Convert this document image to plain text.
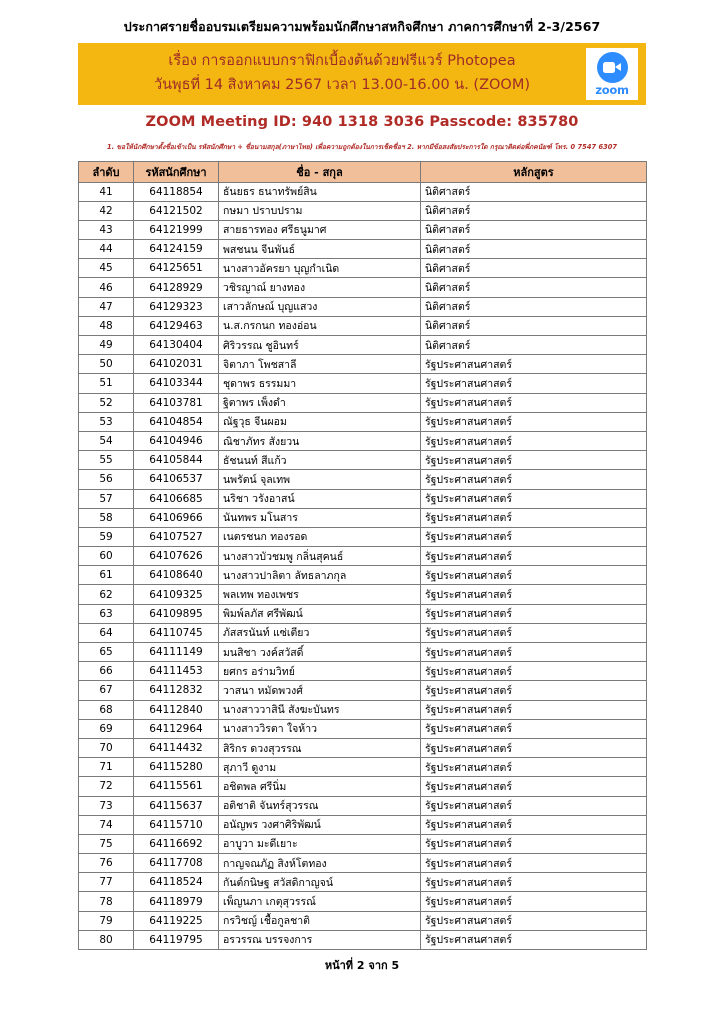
ประกาศรายชื่ออบรมเตรียมความพร้อมนักศึกษาสหกิจศึกษา ภาคการศึกษาที่ 2-3/2567
เรื่อง การออกแบบกราฟิกเบื้องต้นด้วยฟรีแวร์ Photopea
วันพุธที่ 14 สิงหาคม 2567 เวลา 13.00-16.00 น. (ZOOM)	zoom
ZOOM Meeting ID: 940 1318 3036 Passcode: 835780
1. ขอให้นักศึกษาตั้งชื่อเข้าเป็น รหัสนักศึกษา + ชื่อนามสกุล(ภาษาไทย) เพื่อความถูกต้องในการเช็คชื่อฯ 2. หากมีข้อสงสัยประการใด กรุณาติดต่อพี่ภคนัยฑ์ โทร. 0 7547 6307
ลำดับ	รหัสนักศึกษา	ชื่อ - สกุล	หลักสูตร
41	64118854	ธันยธร ธนาทรัพย์สิน	นิติศาสตร์
42	64121502	กษมา ปราบปราม	นิติศาสตร์
43	64121999	สายธารทอง ศรีธนูมาศ	นิติศาสตร์
44	64124159	พสชนน จีนพันธ์	นิติศาสตร์
45	64125651	นางสาวอัครยา บุญกำเนิด	นิติศาสตร์
46	64128929	วชิรญาณ์ ยางทอง	นิติศาสตร์
47	64129323	เสาวลักษณ์ บุญแสวง	นิติศาสตร์
48	64129463	น.ส.กรกนก ทองอ่อน	นิติศาสตร์
49	64130404	ศิริวรรณ ชูอินทร์	นิติศาสตร์
50	64102031	จิตาภา โพชสาลี	รัฐประศาสนศาสตร์
51	64103344	ชุดาพร ธรรมมา	รัฐประศาสนศาสตร์
52	64103781	ฐิตาพร เพ็งดำ	รัฐประศาสนศาสตร์
53	64104854	ณัฐวุธ จีนผอม	รัฐประศาสนศาสตร์
54	64104946	ณิชาภัทร สังยวน	รัฐประศาสนศาสตร์
55	64105844	ธัชนนท์ สีแก้ว	รัฐประศาสนศาสตร์
56	64106537	นพรัตน์ จุลเทพ	รัฐประศาสนศาสตร์
57	64106685	นริชา วรังอาสน์	รัฐประศาสนศาสตร์
58	64106966	นันทพร มโนสาร	รัฐประศาสนศาสตร์
59	64107527	เนตรชนก ทองรอด	รัฐประศาสนศาสตร์
60	64107626	นางสาวบัวชมพู กลิ่นสุคนธ์	รัฐประศาสนศาสตร์
61	64108640	นางสาวปาลิตา ลัทธลาภกุล	รัฐประศาสนศาสตร์
62	64109325	พลเทพ ทองเพชร	รัฐประศาสนศาสตร์
63	64109895	พิมพ์ลภัส ศรีพัฒน์	รัฐประศาสนศาสตร์
64	64110745	ภัสสรนันท์ แซ่เตียว	รัฐประศาสนศาสตร์
65	64111149	มนสิชา วงค์สวัสดิ์	รัฐประศาสนศาสตร์
66	64111453	ยศกร อร่ามวิทย์	รัฐประศาสนศาสตร์
67	64112832	วาสนา หมัดพวงศ์	รัฐประศาสนศาสตร์
68	64112840	นางสาววาสินี สังฆะบันทร	รัฐประศาสนศาสตร์
69	64112964	นางสาววิรตา ใจห้าว	รัฐประศาสนศาสตร์
70	64114432	สิริกร ดวงสุวรรณ	รัฐประศาสนศาสตร์
71	64115280	สุภาวี ดูงาม	รัฐประศาสนศาสตร์
72	64115561	อชิตพล ศรีนิ่ม	รัฐประศาสนศาสตร์
73	64115637	อติชาติ จันทร์สุวรรณ	รัฐประศาสนศาสตร์
74	64115710	อนัญพร วงศาศิริพัฒน์	รัฐประศาสนศาสตร์
75	64116692	อาบูวา มะดีเยาะ	รัฐประศาสนศาสตร์
76	64117708	กาญจณภัฏ สิงห์โตทอง	รัฐประศาสนศาสตร์
77	64118524	กันต์กนิษฐ สวัสดิกาญจน์	รัฐประศาสนศาสตร์
78	64118979	เพ็ญนภา เกตุสุวรรณ์	รัฐประศาสนศาสตร์
79	64119225	กรวิชญ์ เชื้อกูลชาติ	รัฐประศาสนศาสตร์
80	64119795	อรวรรณ บรรจงการ	รัฐประศาสนศาสตร์
หน้าที่ 2 จาก 5
